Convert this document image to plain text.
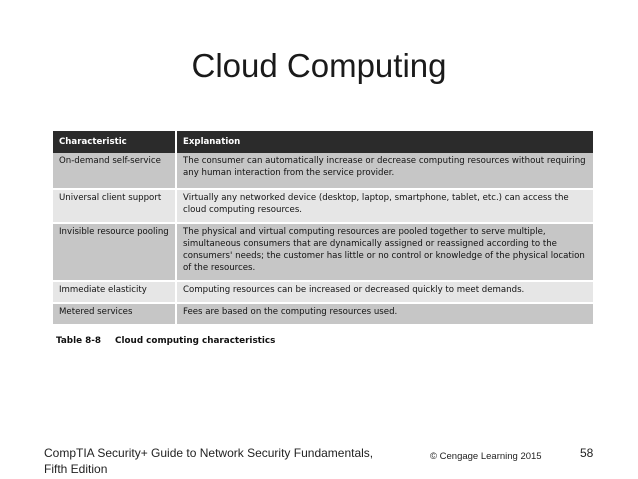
Cloud Computing
Characteristic	Explanation
On-demand self-service	The consumer can automatically increase or decrease computing resources without requiring any human interaction from the service provider.
Universal client support	Virtually any networked device (desktop, laptop, smartphone, tablet, etc.) can access the cloud computing resources.
Invisible resource pooling	The physical and virtual computing resources are pooled together to serve multiple, simultaneous consumers that are dynamically assigned or reassigned according to the consumers' needs; the customer has little or no control or knowledge of the physical location of the resources.
Immediate elasticity	Computing resources can be increased or decreased quickly to meet demands.
Metered services	Fees are based on the computing resources used.
Table 8-8 Cloud computing characteristics
CompTIA Security+ Guide to Network Security Fundamentals,
Fifth Edition
© Cengage Learning 2015	58
